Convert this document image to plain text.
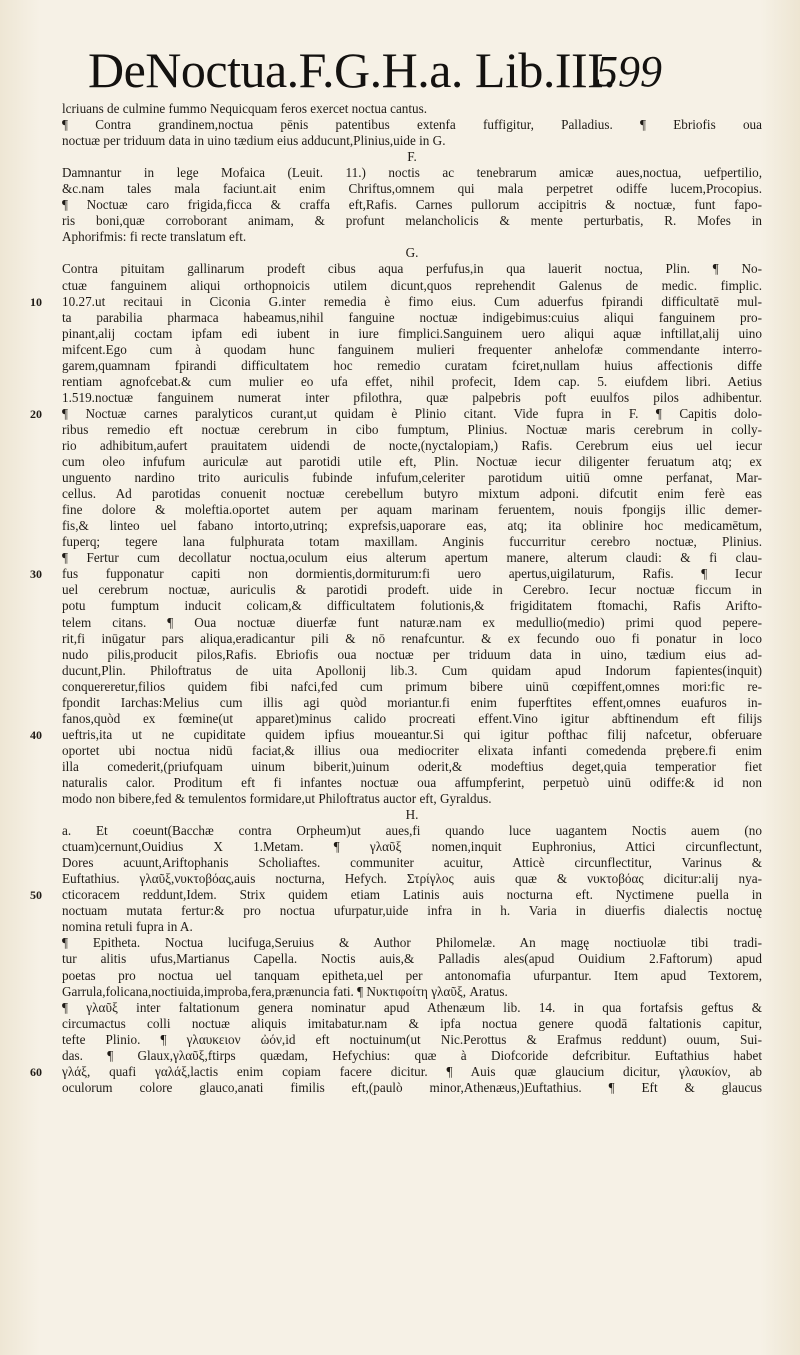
DeNoctua.F.G.H.a. Lib.III.
599
lcriuans de culmine fummo Nequicquam feros exercet noctua cantus.
¶ Contra grandinem,noctua pēnis patentibus extenfa fuffigitur, Palladius. ¶ Ebriofis oua
noctuæ per triduum data in uino tædium eius adducunt,Plinius,uide in G.
F.
Damnantur in lege Mofaica (Leuit. 11.) noctis ac tenebrarum amicæ aues,noctua, uefpertilio,
&c.nam tales mala faciunt.ait enim Chriftus,omnem qui mala perpetret odiffe lucem,Procopius.
¶ Noctuæ caro frigida,ficca & craffa eft,Rafis. Carnes pullorum accipitris & noctuæ, funt fapo-
ris boni,quæ corroborant animam, & profunt melancholicis & mente perturbatis, R. Mofes in
Aphorifmis: fi recte translatum eft.
G.
Contra pituitam gallinarum prodeft cibus aqua perfufus,in qua lauerit noctua, Plin. ¶ No-
ctuæ fanguinem aliqui orthopnoicis utilem dicunt,quos reprehendit Galenus de medic. fimplic.
10.27.ut recitaui in Ciconia G.inter remedia è fimo eius. Cum aduerfus fpirandi difficultatē mul-
ta parabilia pharmaca habeamus,nihil fanguine noctuæ indigebimus:cuius aliqui fanguinem pro-
pinant,alij coctam ipfam edi iubent in iure fimplici.Sanguinem uero aliqui aquæ inftillat,alij uino
mifcent.Ego cum à quodam hunc fanguinem mulieri frequenter anhelofæ commendante interro-
garem,quamnam fpirandi difficultatem hoc remedio curatam fciret,nullam huius affectionis diffe
rentiam agnofcebat.& cum mulier eo ufa effet, nihil profecit, Idem cap. 5. eiufdem libri. Aetius
1.519.noctuæ fanguinem numerat inter pfilothra, quæ palpebris poft euulfos pilos adhibentur.
¶ Noctuæ carnes paralyticos curant,ut quidam è Plinio citant. Vide fupra in F. ¶ Capitis dolo-
ribus remedio eft noctuæ cerebrum in cibo fumptum, Plinius. Noctuæ maris cerebrum in colly-
rio adhibitum,aufert prauitatem uidendi de nocte,(nyctalopiam,) Rafis. Cerebrum eius uel iecur
cum oleo infufum auriculæ aut parotidi utile eft, Plin. Noctuæ iecur diligenter feruatum atq; ex
unguento nardino trito auriculis fubinde infufum,celeriter parotidum uitiū omne perfanat, Mar-
cellus. Ad parotidas conuenit noctuæ cerebellum butyro mixtum adponi. difcutit enim ferè eas
fine dolore & moleftia.oportet autem per aquam marinam feruentem, nouis fpongijs illic demer-
fis,& linteo uel fabano intorto,utrinq; exprefsis,uaporare eas, atq; ita oblinire hoc medicamētum,
fuperq; tegere lana fulphurata totam maxillam. Anginis fuccurritur cerebro noctuæ, Plinius.
¶ Fertur cum decollatur noctua,oculum eius alterum apertum manere, alterum claudi: & fi clau-
fus fupponatur capiti non dormientis,dormiturum:fi uero apertus,uigilaturum, Rafis. ¶ Iecur
uel cerebrum noctuæ, auriculis & parotidi prodeft. uide in Cerebro. Iecur noctuæ ficcum in
potu fumptum inducit colicam,& difficultatem folutionis,& frigiditatem ftomachi, Rafis Arifto-
telem citans. ¶ Oua noctuæ diuerfæ funt naturæ.nam ex medullio(medio) primi quod pepere-
rit,fi inūgatur pars aliqua,eradicantur pili & nō renafcuntur. & ex fecundo ouo fi ponatur in loco
nudo pilis,producit pilos,Rafis. Ebriofis oua noctuæ per triduum data in uino, tædium eius ad-
ducunt,Plin. Philoftratus de uita Apollonij lib.3. Cum quidam apud Indorum fapientes(inquit)
conquereretur,filios quidem fibi nafci,fed cum primum bibere uinū cœpiffent,omnes mori:fic re-
fpondit Iarchas:Melius cum illis agi quòd moriantur.fi enim fuperftites effent,omnes euafuros in-
fanos,quòd ex fœmine(ut apparet)minus calido procreati effent.Vino igitur abftinendum eft filijs
ueftris,ita ut ne cupiditate quidem ipfius moueantur.Si qui igitur pofthac filij nafcetur, obferuare
oportet ubi noctua nidū faciat,& illius oua mediocriter elixata infanti comedenda prębere.fi enim
illa comederit,(priufquam uinum biberit,)uinum oderit,& modeftius deget,quia temperatior fiet
naturalis calor. Proditum eft fi infantes noctuæ oua affumpferint, perpetuò uinū odiffe:& id non
modo non bibere,fed & temulentos formidare,ut Philoftratus auctor eft, Gyraldus.
H.
a. Et coeunt(Bacchæ contra Orpheum)ut aues,fi quando luce uagantem Noctis auem (no
ctuam)cernunt,Ouidius X 1.Metam. ¶ γλαῦξ nomen,inquit Euphronius, Attici circunflectunt,
Dores acuunt,Ariftophanis Scholiaftes. communiter acuitur, Atticè circunflectitur, Varinus &
Euftathius. γλαῦξ,νυκτοβόας,auis nocturna, Hefych. Στρίγλος auis quæ & νυκτοβόας dicitur:alij nya-
cticoracem reddunt,Idem. Strix quidem etiam Latinis auis nocturna eft. Nyctimene puella in
noctuam mutata fertur:& pro noctua ufurpatur,uide infra in h. Varia in diuerfis dialectis noctuę
nomina retuli fupra in A.
¶ Epitheta. Noctua lucifuga,Seruius & Author Philomelæ. An magę noctiuolæ tibi tradi-
tur alitis ufus,Martianus Capella. Noctis auis,& Palladis ales(apud Ouidium 2.Faftorum) apud
poetas pro noctua uel tanquam epitheta,uel per antonomafia ufurpantur. Item apud Textorem,
Garrula,folicana,noctiuida,improba,fera,prænuncia fati. ¶ Νυκτιφοίτη γλαῦξ, Aratus.
¶ γλαῦξ inter faltationum genera nominatur apud Athenæum lib. 14. in qua fortafsis geftus &
circumactus colli noctuæ aliquis imitabatur.nam & ipfa noctua genere quodā faltationis capitur,
tefte Plinio. ¶ γλαυκειον ὠόν,id eft noctuinum(ut Nic.Perottus & Erafmus reddunt) ouum, Sui-
das. ¶ Glaux,γλαῦξ,ftirps quædam, Hefychius: quæ à Diofcoride defcribitur. Euftathius habet
γλάξ, quafi γαλάξ,lactis enim copiam facere dicitur. ¶ Auis quæ glaucium dicitur, γλαυκίον, ab
oculorum colore glauco,anati fimilis eft,(paulò minor,Athenæus,)Euftathius. ¶ Eft & glaucus
10
20
30
40
50
60
